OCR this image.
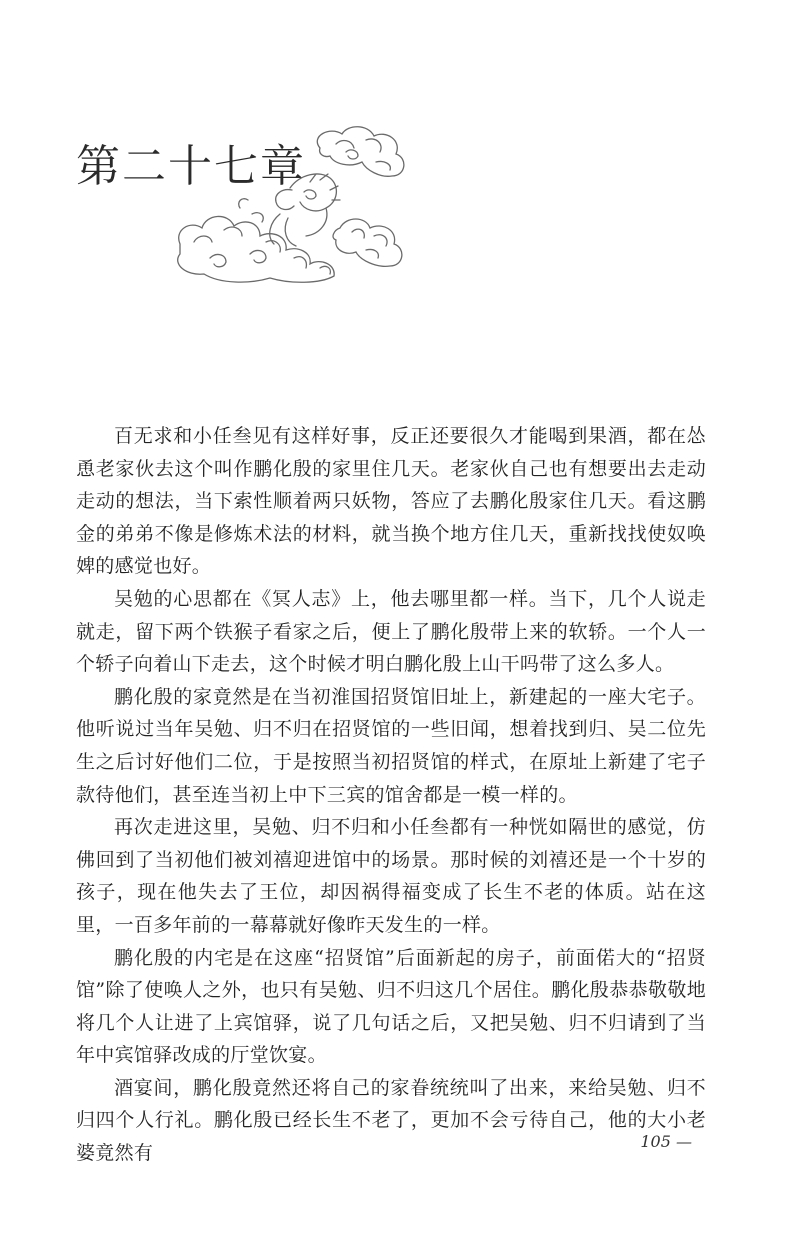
第二十七章

百无求和小任叁见有这样好事，反正还要很久才能喝到果酒，都在怂恿老家伙去这个叫作鹏化殷的家里住几天。老家伙自己也有想要出去走动走动的想法，当下索性顺着两只妖物，答应了去鹏化殷家住几天。看这鹏金的弟弟不像是修炼术法的材料，就当换个地方住几天，重新找找使奴唤婢的感觉也好。

吴勉的心思都在《冥人志》上，他去哪里都一样。当下，几个人说走就走，留下两个铁猴子看家之后，便上了鹏化殷带上来的软轿。一个人一个轿子向着山下走去，这个时候才明白鹏化殷上山干吗带了这么多人。

鹏化殷的家竟然是在当初淮国招贤馆旧址上，新建起的一座大宅子。他听说过当年吴勉、归不归在招贤馆的一些旧闻，想着找到归、吴二位先生之后讨好他们二位，于是按照当初招贤馆的样式，在原址上新建了宅子款待他们，甚至连当初上中下三宾的馆舍都是一模一样的。

再次走进这里，吴勉、归不归和小任叁都有一种恍如隔世的感觉，仿佛回到了当初他们被刘禧迎进馆中的场景。那时候的刘禧还是一个十岁的孩子，现在他失去了王位，却因祸得福变成了长生不老的体质。站在这里，一百多年前的一幕幕就好像昨天发生的一样。

鹏化殷的内宅是在这座“招贤馆”后面新起的房子，前面偌大的“招贤馆”除了使唤人之外，也只有吴勉、归不归这几个居住。鹏化殷恭恭敬敬地将几个人让进了上宾馆驿，说了几句话之后，又把吴勉、归不归请到了当年中宾馆驿改成的厅堂饮宴。

酒宴间，鹏化殷竟然还将自己的家眷统统叫了出来，来给吴勉、归不归四个人行礼。鹏化殷已经长生不老了，更加不会亏待自己，他的大小老婆竟然有

105 —
